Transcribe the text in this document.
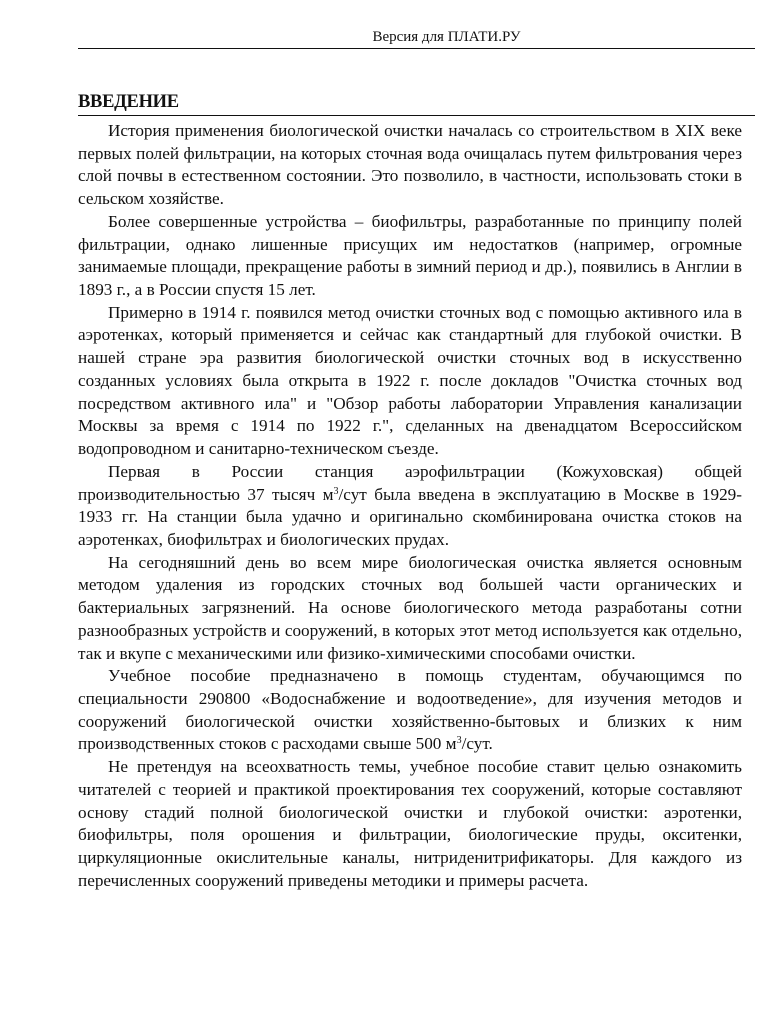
Версия для ПЛАТИ.РУ
ВВЕДЕНИЕ

История применения биологической очистки началась со строительством в XIX веке первых полей фильтрации, на которых сточная вода очищалась путем фильтрования через слой почвы в естественном состоянии. Это позволило, в частности, использовать стоки в сельском хозяйстве.

Более совершенные устройства – биофильтры, разработанные по принципу полей фильтрации, однако лишенные присущих им недостатков (например, огромные занимаемые площади, прекращение работы в зимний период и др.), появились в Англии в 1893 г., а в России спустя 15 лет.

Примерно в 1914 г. появился метод очистки сточных вод с помощью активного ила в аэротенках, который применяется и сейчас как стандартный для глубокой очистки. В нашей стране эра развития биологической очистки сточных вод в искусственно созданных условиях была открыта в 1922 г. после докладов "Очистка сточных вод посредством активного ила" и "Обзор работы лаборатории Управления канализации Москвы за время с 1914 по 1922 г.", сделанных на двенадцатом Всероссийском водопроводном и санитарно-техническом съезде.

Первая в России станция аэрофильтрации (Кожуховская) общей производительностью 37 тысяч $м^3$/сут была введена в эксплуатацию в Москве в 1929-1933 гг. На станции была удачно и оригинально скомбинирована очистка стоков на аэротенках, биофильтрах и биологических прудах.

На сегодняшний день во всем мире биологическая очистка является основным методом удаления из городских сточных вод большей части органических и бактериальных загрязнений. На основе биологического метода разработаны сотни разнообразных устройств и сооружений, в которых этот метод используется как отдельно, так и вкупе с механическими или физико-химическими способами очистки.

Учебное пособие предназначено в помощь студентам, обучающимся по специальности 290800 «Водоснабжение и водоотведение», для изучения методов и сооружений биологической очистки хозяйственно-бытовых и близких к ним производственных стоков с расходами свыше 500 $м^3$/сут.

Не претендуя на всеохватность темы, учебное пособие ставит целью ознакомить читателей с теорией и практикой проектирования тех сооружений, которые составляют основу стадий полной биологической очистки и глубокой очистки: аэротенки, биофильтры, поля орошения и фильтрации, биологические пруды, окситенки, циркуляционные окислительные каналы, нитриденитрификаторы. Для каждого из перечисленных сооружений приведены методики и примеры расчета.
